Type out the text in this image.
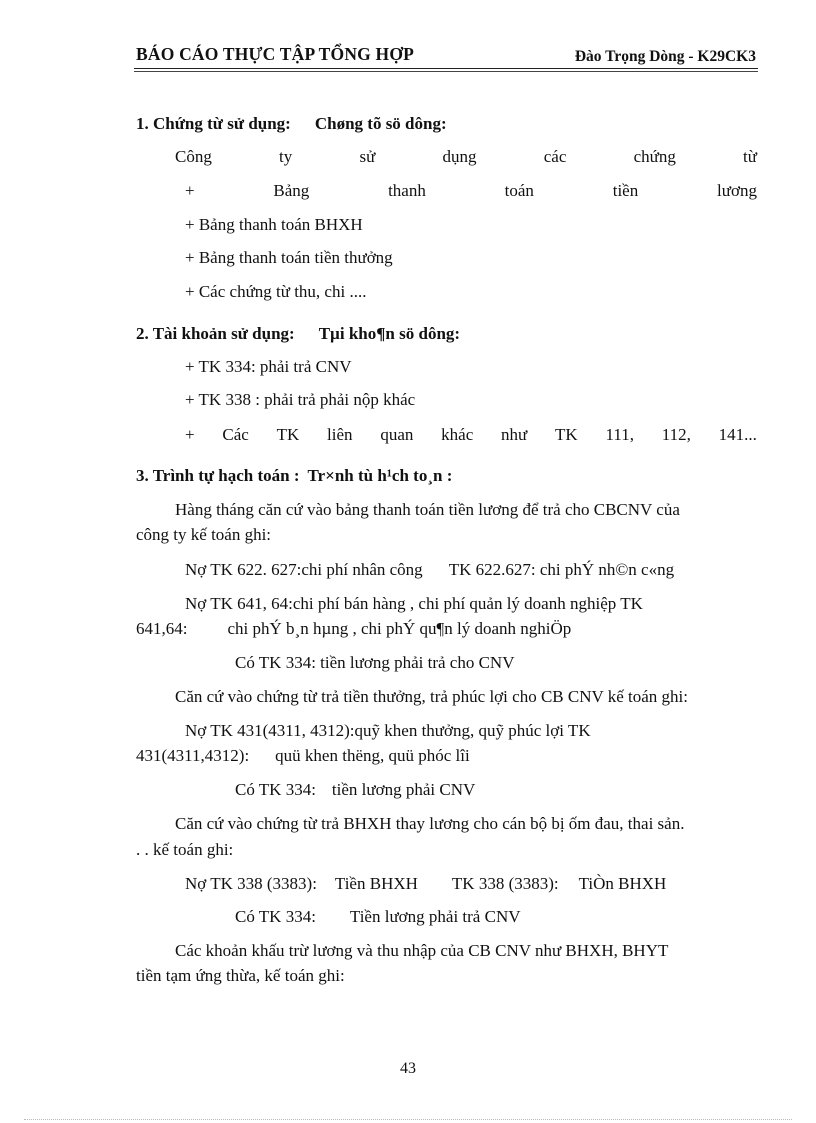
BÁO CÁO THỰC TẬP TỔNG HỢP	Đào Trọng Dòng - K29CK3
1. Chứng từ sử dụng: Chøng tõ sö dông:
Công	ty	sử	dụng	các	chứng	từ
+	Bảng	thanh	toán	tiền	lương
+ Bảng thanh toán BHXH
+ Bảng thanh toán tiền thưởng
+ Các chứng từ thu, chi ....
2. Tài khoản sử dụng: Tµi kho¶n sö dông:
+ TK 334: phải trả CNV
+ TK 338 : phải trả phải nộp khác
+ Các TK liên quan khác như TK 111, 112, 141...
3. Trình tự hạch toán : Tr×nh tù h¹ch to¸n :
Hàng tháng căn cứ vào bảng thanh toán tiền lương để trả cho CBCNV của
công ty kế toán ghi:
Nợ TK 622. 627:chi phí nhân công TK 622.627: chi phÝ nh©n c«ng
Nợ TK 641, 64:chi phí bán hàng , chi phí quản lý doanh nghiệp TK
641,64: chi phÝ b¸n hµng , chi phÝ qu¶n lý doanh nghiÖp
Có TK 334: tiền lương phải trả cho CNV
Căn cứ vào chứng từ trả tiền thưởng, trả phúc lợi cho CB CNV kế toán ghi:
Nợ TK 431(4311, 4312):quỹ khen thưởng, quỹ phúc lợi TK
431(4311,4312): quü khen thëng, quü phóc lîi
Có TK 334: tiền lương phải CNV
Căn cứ vào chứng từ trả BHXH thay lương cho cán bộ bị ốm đau, thai sản.
. . kế toán ghi:
Nợ TK 338 (3383): Tiền BHXH TK 338 (3383): TiÒn BHXH
Có TK 334: Tiền lương phải trả CNV
Các khoản khấu trừ lương và thu nhập của CB CNV như BHXH, BHYT
tiền tạm ứng thừa, kế toán ghi:
43
